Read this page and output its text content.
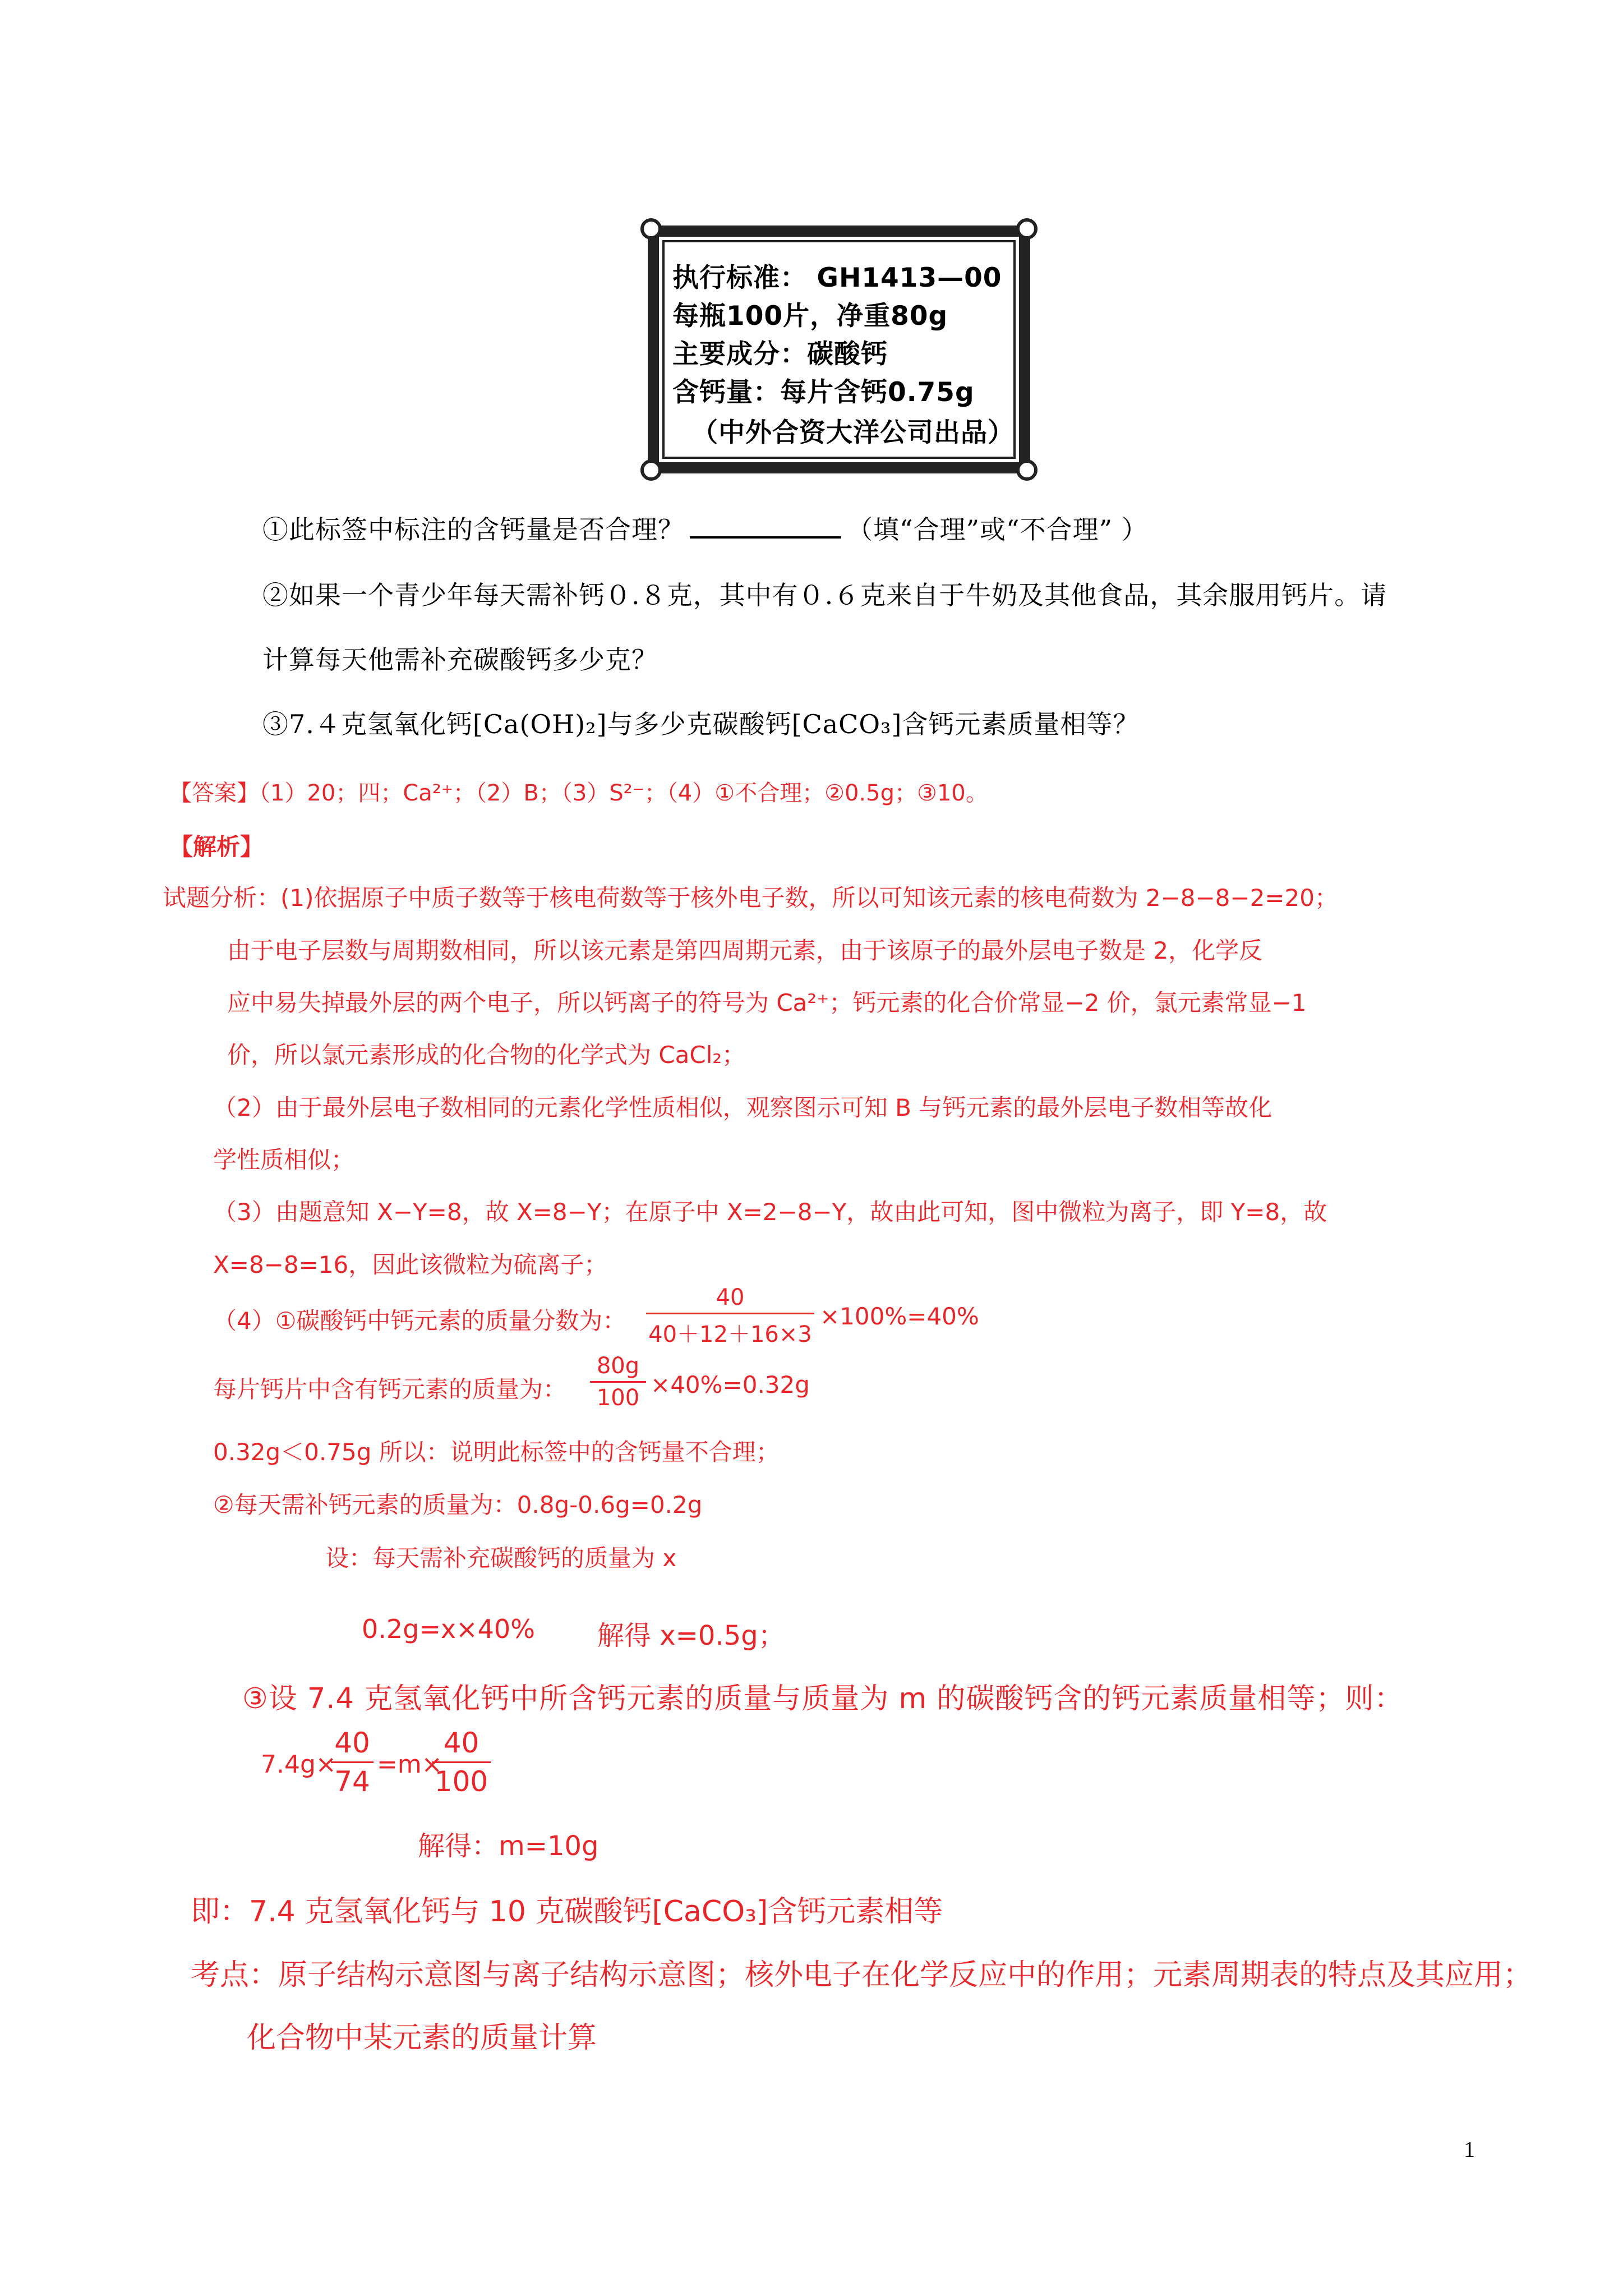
执行标准： GH1413—00
每瓶100片，净重80g
主要成分：碳酸钙
含钙量：每片含钙0.75g
（中外合资大洋公司出品）
①此标签中标注的含钙量是否合理？	（填“合理”或“不合理” ）
②如果一个青少年每天需补钙０.８克，其中有０.６克来自于牛奶及其他食品，其余服用钙片。请
计算每天他需补充碳酸钙多少克？
③7.４克氢氧化钙[Ca(OH)₂]与多少克碳酸钙[CaCO₃]含钙元素质量相等？
【答案】（1）20；四；Ca²⁺；（2）B；（3）S²⁻；（4）①不合理；②0.5g；③10。
【解析】
试题分析：(1)依据原子中质子数等于核电荷数等于核外电子数，所以可知该元素的核电荷数为 2−8−8−2=20；
由于电子层数与周期数相同，所以该元素是第四周期元素，由于该原子的最外层电子数是 2，化学反
应中易失掉最外层的两个电子，所以钙离子的符号为 Ca²⁺；钙元素的化合价常显−2 价，氯元素常显−1
价，所以氯元素形成的化合物的化学式为 CaCl₂；
（2）由于最外层电子数相同的元素化学性质相似，观察图示可知 B 与钙元素的最外层电子数相等故化
学性质相似；
（3）由题意知 X−Y=8，故 X=8−Y；在原子中 X=2−8−Y，故由此可知，图中微粒为离子，即 Y=8，故
X=8−8=16，因此该微粒为硫离子；
（4）①碳酸钙中钙元素的质量分数为：
40
40＋12＋16×3
×100%=40%
每片钙片中含有钙元素的质量为：
80g
100 ×40%=0.32g
0.32g＜0.75g 所以：说明此标签中的含钙量不合理；
②每天需补钙元素的质量为：0.8g-0.6g=0.2g
设：每天需补充碳酸钙的质量为 x
0.2g=x×40% 解得 x=0.5g；
③设 7.4 克氢氧化钙中所含钙元素的质量与质量为 m 的碳酸钙含的钙元素质量相等；则：
7.4g×
40
74
=m×
40
100
解得：m=10g
即：7.4 克氢氧化钙与 10 克碳酸钙[CaCO₃]含钙元素相等
考点：原子结构示意图与离子结构示意图；核外电子在化学反应中的作用；元素周期表的特点及其应用；
化合物中某元素的质量计算
1
